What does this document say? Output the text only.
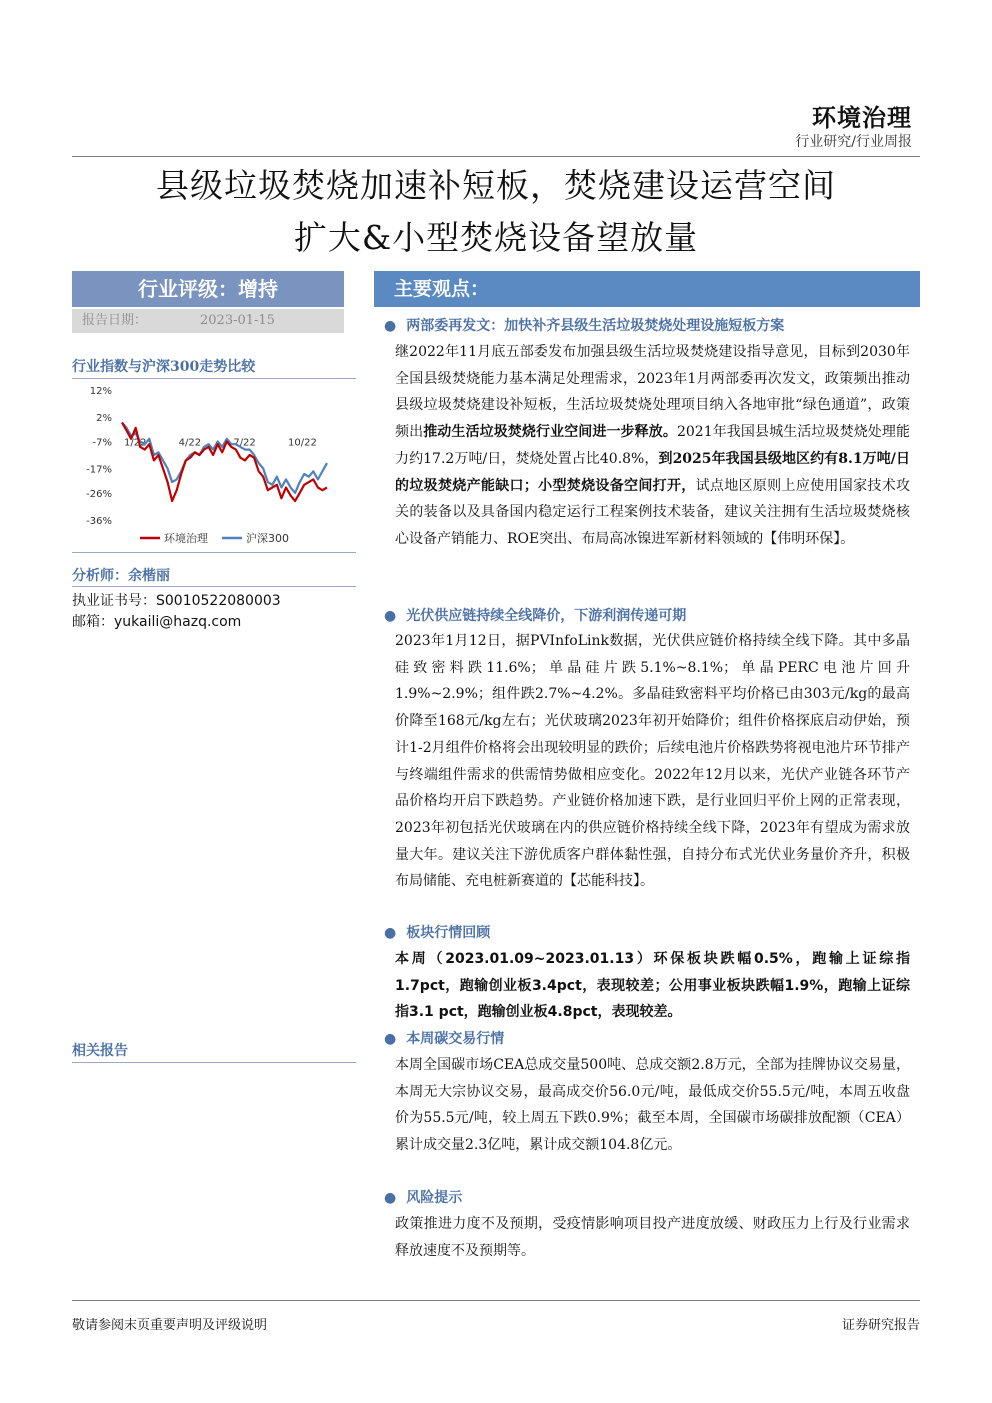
环境治理
行业研究/行业周报
县级垃圾焚烧加速补短板，焚烧建设运营空间
扩大&小型焚烧设备望放量
行业评级：增持
报告日期：	2023-01-15
行业指数与沪深300走势比较
12%
2%
-7%
-17%
-26%
-36%
1/22	4/22	7/22	10/22
环境治理	沪深300
分析师：余楷丽
执业证书号：S0010522080003
邮箱：yukaili@hazq.com
相关报告
主要观点：
● 两部委再发文：加快补齐县级生活垃圾焚烧处理设施短板方案
继2022年11月底五部委发布加强县级生活垃圾焚烧建设指导意见，目标到2030年全国县级焚烧能力基本满足处理需求，2023年1月两部委再次发文，政策频出推动县级垃圾焚烧建设补短板，生活垃圾焚烧处理项目纳入各地审批“绿色通道”，政策频出推动生活垃圾焚烧行业空间进一步释放。2021年我国县城生活垃圾焚烧处理能力约17.2万吨/日，焚烧处置占比40.8%，到2025年我国县级地区约有8.1万吨/日的垃圾焚烧产能缺口；小型焚烧设备空间打开，试点地区原则上应使用国家技术攻关的装备以及具备国内稳定运行工程案例技术装备，建议关注拥有生活垃圾焚烧核心设备产销能力、ROE突出、布局高冰镍进军新材料领域的【伟明环保】。
● 光伏供应链持续全线降价，下游利润传递可期
2023年1月12日，据PVInfoLink数据，光伏供应链价格持续全线下降。其中多晶硅致密料跌11.6%；单晶硅片跌5.1%~8.1%；单晶PERC电池片回升1.9%~2.9%；组件跌2.7%~4.2%。多晶硅致密料平均价格已由303元/kg的最高价降至168元/kg左右；光伏玻璃2023年初开始降价；组件价格探底启动伊始，预计1-2月组件价格将会出现较明显的跌价；后续电池片价格跌势将视电池片环节排产与终端组件需求的供需情势做相应变化。2022年12月以来，光伏产业链各环节产品价格均开启下跌趋势。产业链价格加速下跌，是行业回归平价上网的正常表现，2023年初包括光伏玻璃在内的供应链价格持续全线下降，2023年有望成为需求放量大年。建议关注下游优质客户群体黏性强，自持分布式光伏业务量价齐升，积极布局储能、充电桩新赛道的【芯能科技】。
● 板块行情回顾
本周（2023.01.09~2023.01.13）环保板块跌幅0.5%，跑输上证综指1.7pct，跑输创业板3.4pct，表现较差；公用事业板块跌幅1.9%，跑输上证综指3.1 pct，跑输创业板4.8pct，表现较差。
● 本周碳交易行情
本周全国碳市场CEA总成交量500吨、总成交额2.8万元，全部为挂牌协议交易量，本周无大宗协议交易，最高成交价56.0元/吨，最低成交价55.5元/吨，本周五收盘价为55.5元/吨，较上周五下跌0.9%；截至本周，全国碳市场碳排放配额（CEA）累计成交量2.3亿吨，累计成交额104.8亿元。
● 风险提示
政策推进力度不及预期，受疫情影响项目投产进度放缓、财政压力上行及行业需求释放速度不及预期等。
敬请参阅末页重要声明及评级说明	证券研究报告
